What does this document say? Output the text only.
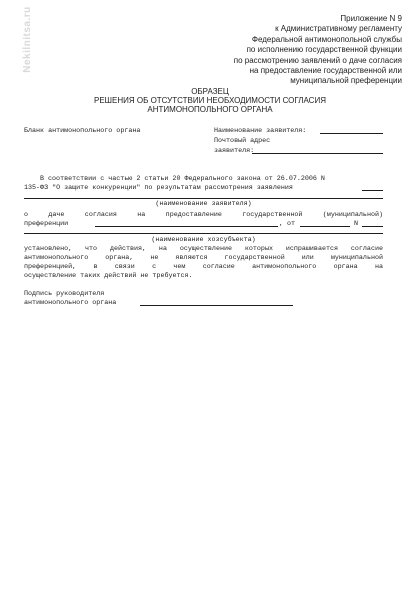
Nekilnitsa.ru	Приложение N 9
к Административному регламенту
Федеральной антимонопольной службы
по исполнению государственной функции
по рассмотрению заявлений о даче согласия
на предоставление государственной или
муниципальной преференции
ОБРАЗЕЦ
РЕШЕНИЯ ОБ ОТСУТСТВИИ НЕОБХОДИМОСТИ СОГЛАСИЯ
АНТИМОНОПОЛЬНОГО ОРГАНА
Бланк антимонопольного органа	Наименование заявителя:
Почтовый адрес
заявителя:
В соответствии с частью 2 статьи 20 Федерального закона от 26.07.2006 N
135-ФЗ "О защите конкуренции" по результатам рассмотрения заявления
(наименование заявителя)
о даче согласия на предоставление государственной (муниципальной)
преференции	, от	N
(наименование хозсубъекта)
установлено, что действия, на осуществление которых испрашивается согласие
антимонопольного органа, не являются государственной или муниципальной
преференцией, в связи с чем согласие антимонопольного органа на
осуществление таких действий не требуется.
Подпись руководителя
антимонопольного органа
